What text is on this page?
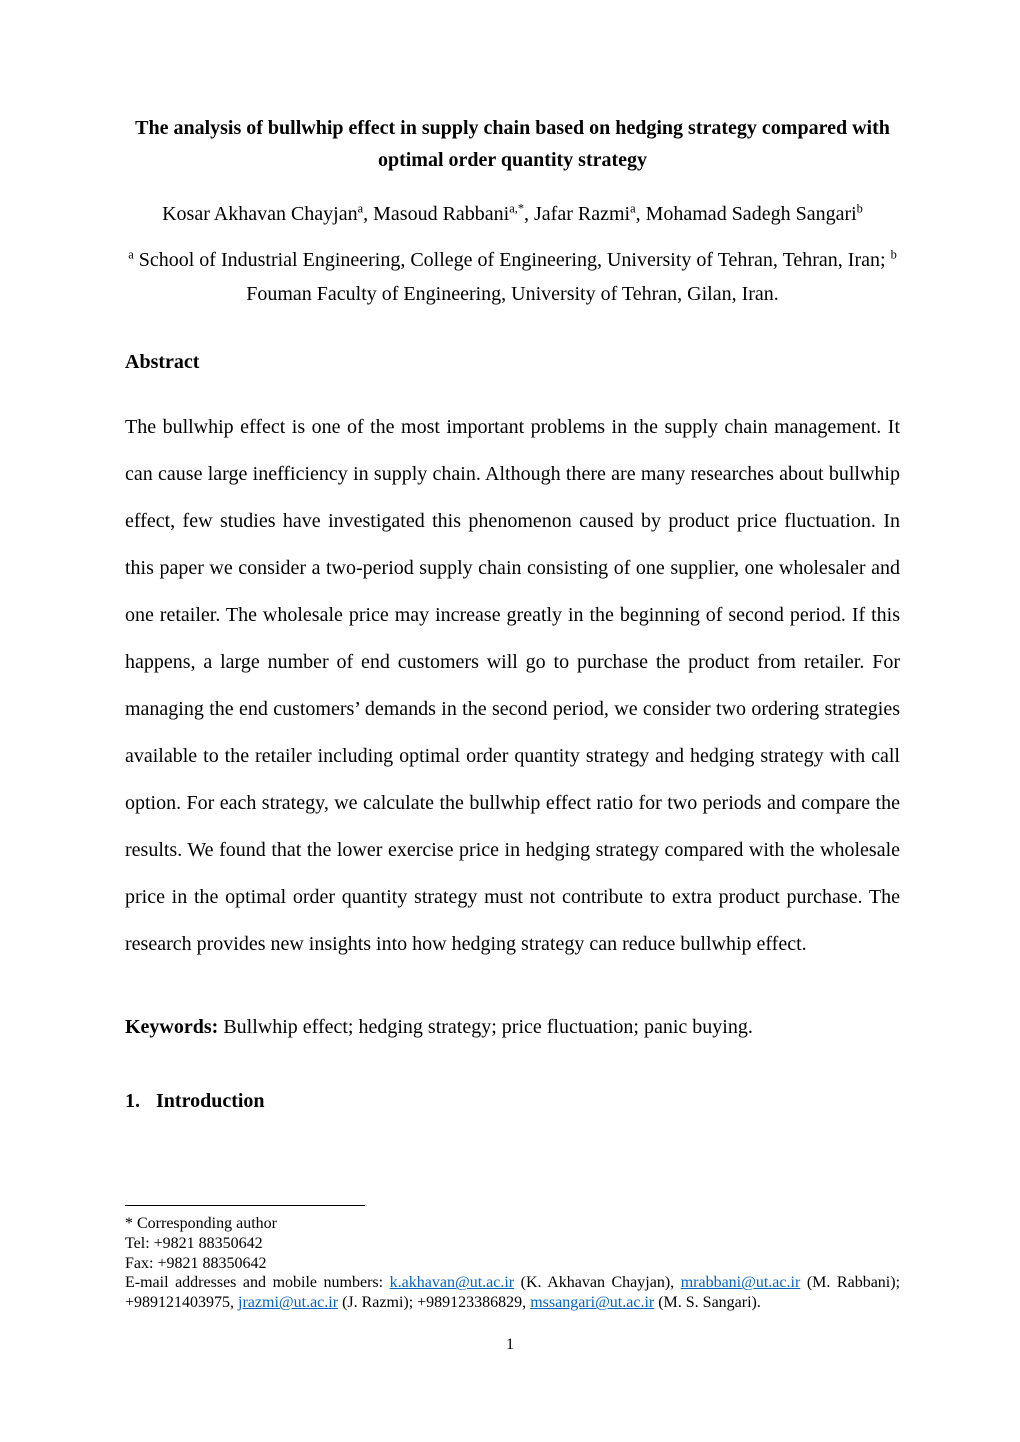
The analysis of bullwhip effect in supply chain based on hedging strategy compared with optimal order quantity strategy

Kosar Akhavan Chayjan$^a$, Masoud Rabbani$^{a,*}$, Jafar Razmi$^a$, Mohamad Sadegh Sangari$^b$

$^a$ School of Industrial Engineering, College of Engineering, University of Tehran, Tehran, Iran; $^b$ Fouman Faculty of Engineering, University of Tehran, Gilan, Iran.

Abstract

The bullwhip effect is one of the most important problems in the supply chain management. It can cause large inefficiency in supply chain. Although there are many researches about bullwhip effect, few studies have investigated this phenomenon caused by product price fluctuation. In this paper we consider a two-period supply chain consisting of one supplier, one wholesaler and one retailer. The wholesale price may increase greatly in the beginning of second period. If this happens, a large number of end customers will go to purchase the product from retailer. For managing the end customers’ demands in the second period, we consider two ordering strategies available to the retailer including optimal order quantity strategy and hedging strategy with call option. For each strategy, we calculate the bullwhip effect ratio for two periods and compare the results. We found that the lower exercise price in hedging strategy compared with the wholesale price in the optimal order quantity strategy must not contribute to extra product purchase. The research provides new insights into how hedging strategy can reduce bullwhip effect.

Keywords: Bullwhip effect; hedging strategy; price fluctuation; panic buying.

1. Introduction

* Corresponding author

Tel: +9821 88350642

Fax: +9821 88350642

E-mail addresses and mobile numbers: k.akhavan@ut.ac.ir (K. Akhavan Chayjan), mrabbani@ut.ac.ir (M. Rabbani); +989121403975, jrazmi@ut.ac.ir (J. Razmi); +989123386829, mssangari@ut.ac.ir (M. S. Sangari).

1
